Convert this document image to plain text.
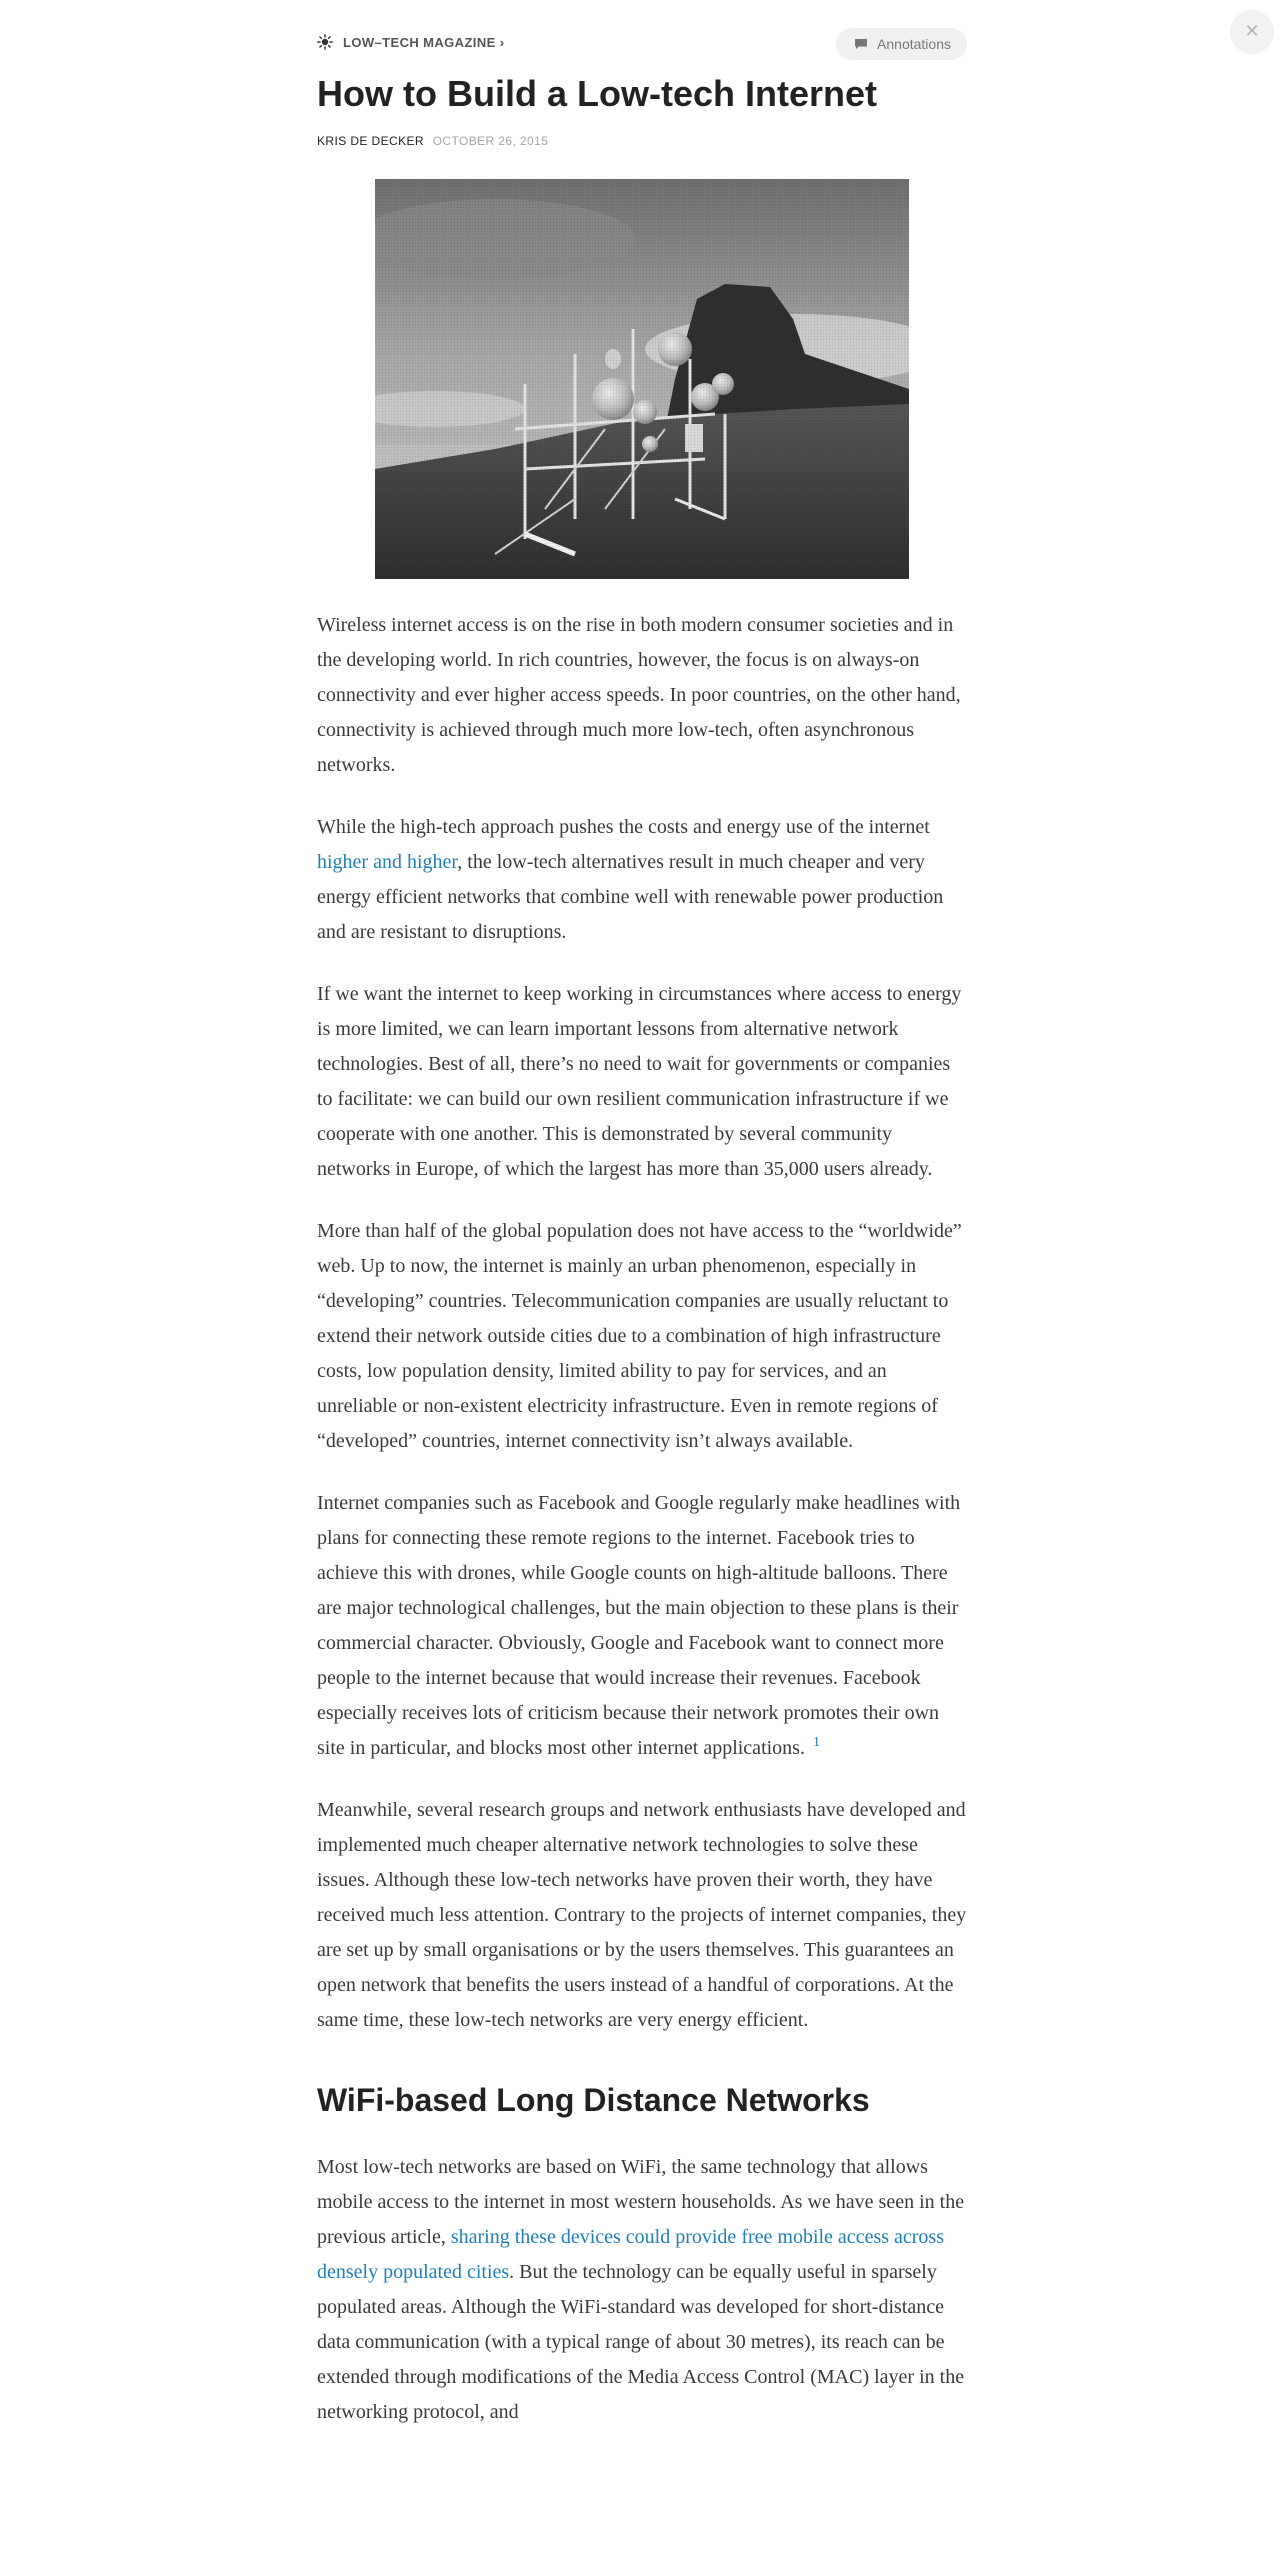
✕
LOW–TECH MAGAZINE ›	Annotations
How to Build a Low-tech Internet
KRIS DE DECKER OCTOBER 26, 2015

Wireless internet access is on the rise in both modern consumer societies and in the developing world. In rich countries, however, the focus is on always-on connectivity and ever higher access speeds. In poor countries, on the other hand, connectivity is achieved through much more low-tech, often asynchronous networks.

While the high-tech approach pushes the costs and energy use of the internet higher and higher, the low-tech alternatives result in much cheaper and very energy efficient networks that combine well with renewable power production and are resistant to disruptions.

If we want the internet to keep working in circumstances where access to energy is more limited, we can learn important lessons from alternative network technologies. Best of all, there’s no need to wait for governments or companies to facilitate: we can build our own resilient communication infrastructure if we cooperate with one another. This is demonstrated by several community networks in Europe, of which the largest has more than 35,000 users already.

More than half of the global population does not have access to the “worldwide” web. Up to now, the internet is mainly an urban phenomenon, especially in “developing” countries. Telecommunication companies are usually reluctant to extend their network outside cities due to a combination of high infrastructure costs, low population density, limited ability to pay for services, and an unreliable or non-existent electricity infrastructure. Even in remote regions of “developed” countries, internet connectivity isn’t always available.

Internet companies such as Facebook and Google regularly make headlines with plans for connecting these remote regions to the internet. Facebook tries to achieve this with drones, while Google counts on high-altitude balloons. There are major technological challenges, but the main objection to these plans is their commercial character. Obviously, Google and Facebook want to connect more people to the internet because that would increase their revenues. Facebook especially receives lots of criticism because their network promotes their own site in particular, and blocks most other internet applications. $^1$

Meanwhile, several research groups and network enthusiasts have developed and implemented much cheaper alternative network technologies to solve these issues. Although these low-tech networks have proven their worth, they have received much less attention. Contrary to the projects of internet companies, they are set up by small organisations or by the users themselves. This guarantees an open network that benefits the users instead of a handful of corporations. At the same time, these low-tech networks are very energy efficient.

WiFi-based Long Distance Networks

Most low-tech networks are based on WiFi, the same technology that allows mobile access to the internet in most western households. As we have seen in the previous article, sharing these devices could provide free mobile access across densely populated cities. But the technology can be equally useful in sparsely populated areas. Although the WiFi-standard was developed for short-distance data communication (with a typical range of about 30 metres), its reach can be extended through modifications of the Media Access Control (MAC) layer in the networking protocol, and
